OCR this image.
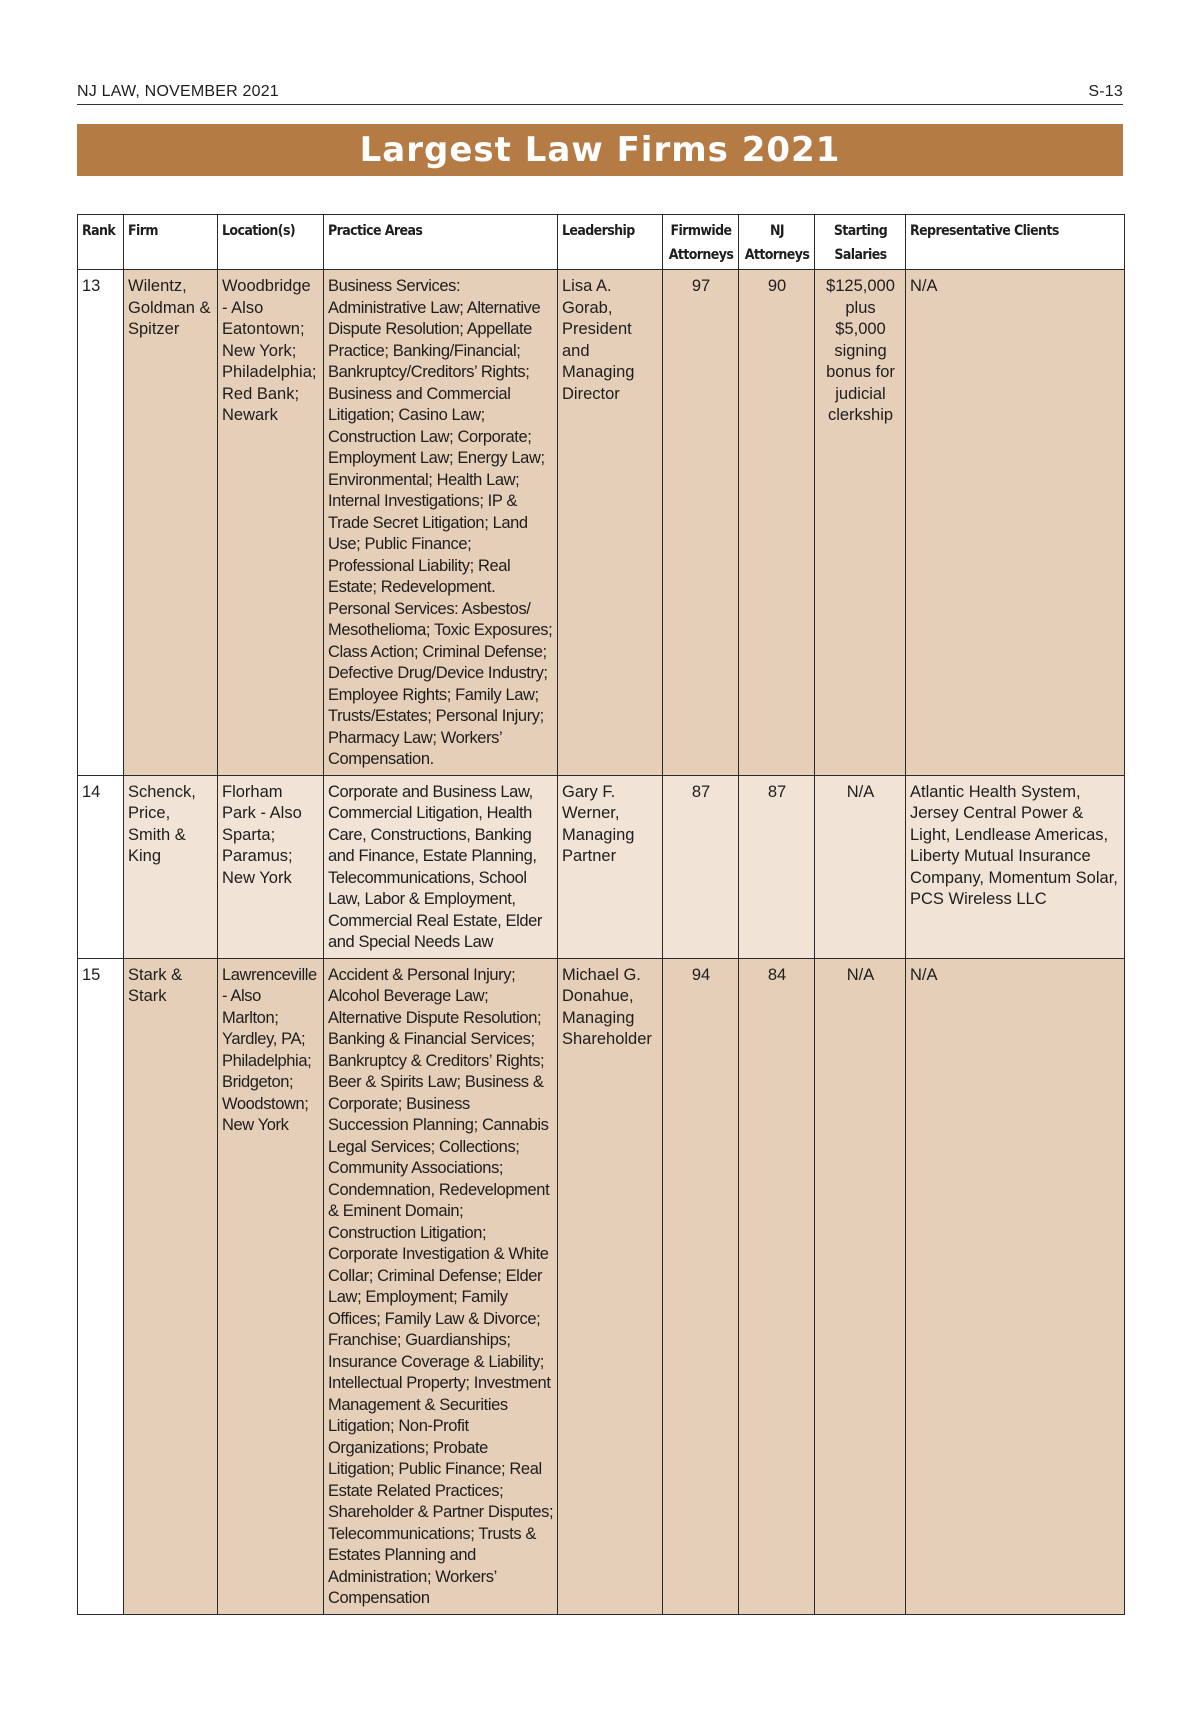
NJ LAW, NOVEMBER 2021	S-13
Largest Law Firms 2021
Rank	Firm	Location(s)	Practice Areas	Leadership	Firmwide Attorneys	NJ Attorneys	Starting Salaries	Representative Clients
13	Wilentz, Goldman & Spitzer	Woodbridge - Also Eatontown; New York; Philadelphia; Red Bank; Newark	Business Services: Administrative Law; Alternative Dispute Resolution; Appellate Practice; Banking/Financial; Bankruptcy/Creditors’ Rights; Business and Commercial Litigation; Casino Law; Construction Law; Corporate; Employment Law; Energy Law; Environmental; Health Law; Internal Investigations; IP & Trade Secret Litigation; Land Use; Public Finance; Professional Liability; Real Estate; Redevelopment. Personal Services: Asbestos/ Mesothelioma; Toxic Exposures; Class Action; Criminal Defense; Defective Drug/Device Industry; Employee Rights; Family Law; Trusts/Estates; Personal Injury; Pharmacy Law; Workers’ Compensation.	Lisa A. Gorab, President and Managing Director	97	90	$125,000 plus $5,000 signing bonus for judicial clerkship	N/A
14	Schenck, Price, Smith & King	Florham Park - Also Sparta; Paramus; New York	Corporate and Business Law, Commercial Litigation, Health Care, Constructions, Banking and Finance, Estate Planning, Telecommunications, School Law, Labor & Employment, Commercial Real Estate, Elder and Special Needs Law	Gary F. Werner, Managing Partner	87	87	N/A	Atlantic Health System, Jersey Central Power & Light, Lendlease Americas, Liberty Mutual Insurance Company, Momentum Solar, PCS Wireless LLC
15	Stark & Stark	Lawrenceville - Also Marlton; Yardley, PA; Philadelphia; Bridgeton; Woodstown; New York	Accident & Personal Injury; Alcohol Beverage Law; Alternative Dispute Resolution; Banking & Financial Services; Bankruptcy & Creditors’ Rights; Beer & Spirits Law; Business & Corporate; Business Succession Planning; Cannabis Legal Services; Collections; Community Associations; Condemnation, Redevelopment & Eminent Domain; Construction Litigation; Corporate Investigation & White Collar; Criminal Defense; Elder Law; Employment; Family Offices; Family Law & Divorce; Franchise; Guardianships; Insurance Coverage & Liability; Intellectual Property; Investment Management & Securities Litigation; Non-Profit Organizations; Probate Litigation; Public Finance; Real Estate Related Practices; Shareholder & Partner Disputes; Telecommunications; Trusts & Estates Planning and Administration; Workers’ Compensation	Michael G. Donahue, Managing Shareholder	94	84	N/A	N/A
